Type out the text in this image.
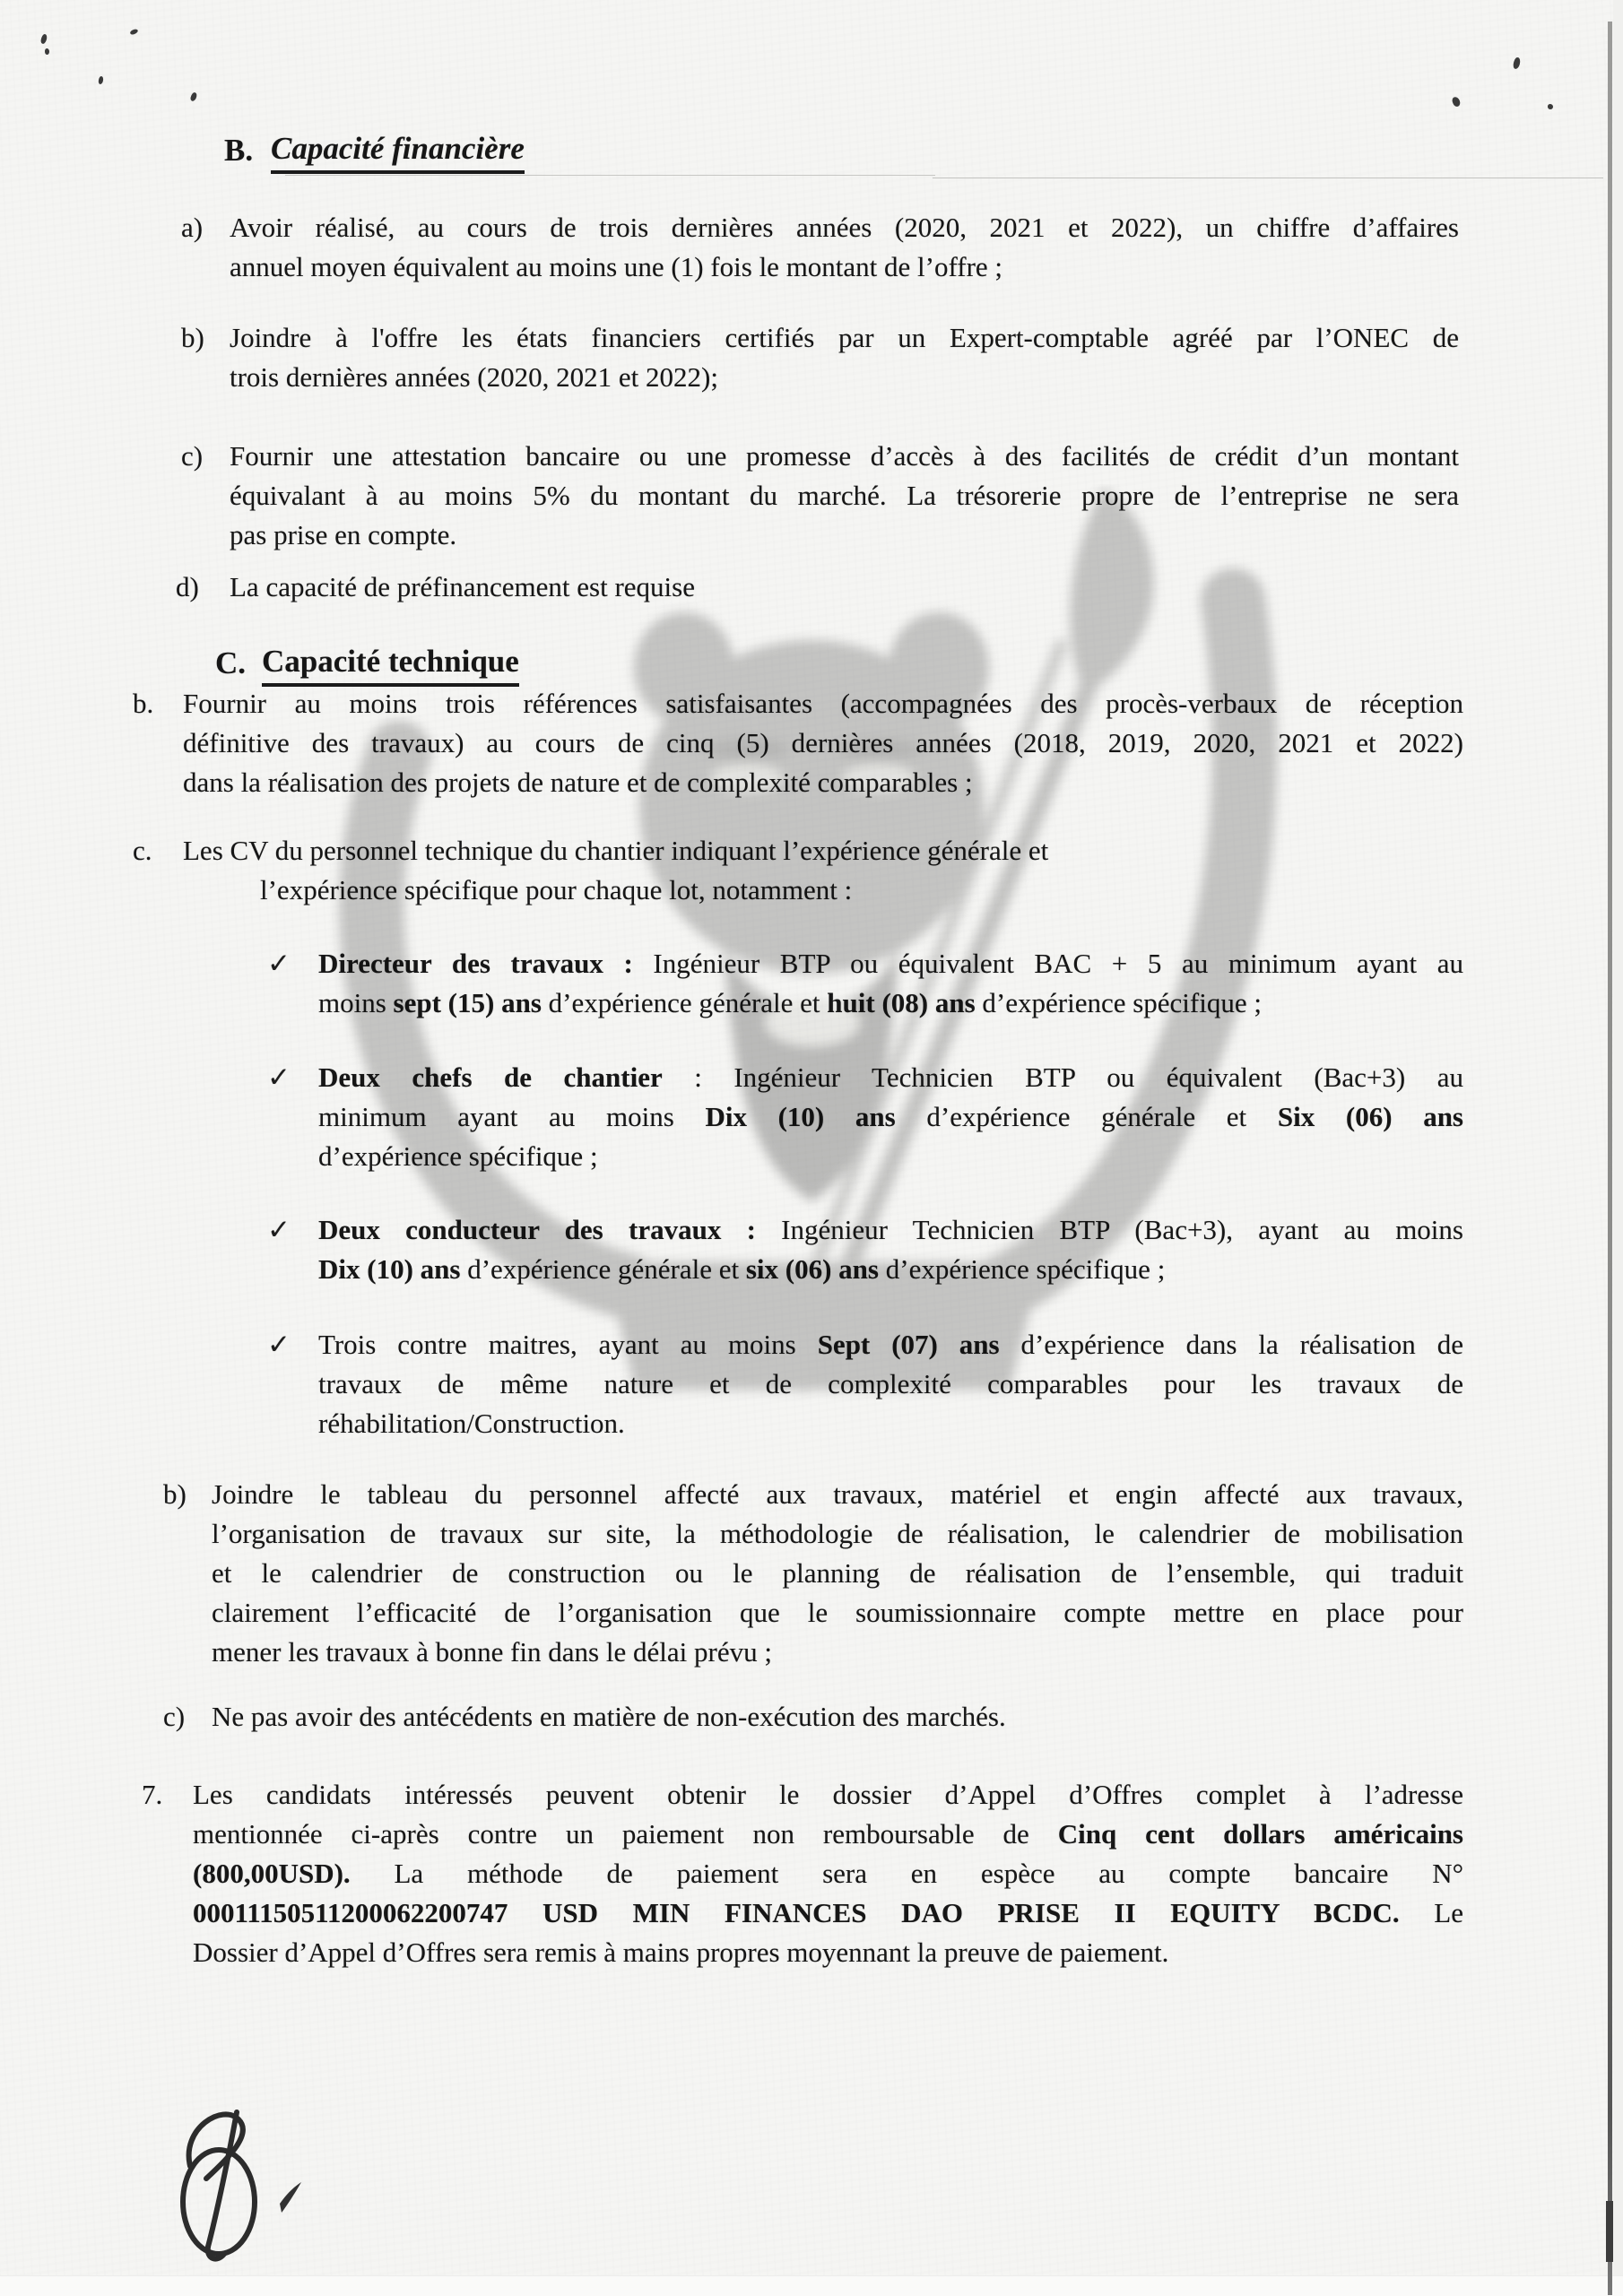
B. Capacité financière
a) Avoir réalisé, au cours de trois dernières années (2020, 2021 et 2022), un chiffre d’affaires
annuel moyen équivalent au moins une (1) fois le montant de l’offre ;
b) Joindre à l'offre les états financiers certifiés par un Expert-comptable agréé par l’ONEC de
trois dernières années (2020, 2021 et 2022);
c) Fournir une attestation bancaire ou une promesse d’accès à des facilités de crédit d’un montant
équivalant à au moins 5% du montant du marché. La trésorerie propre de l’entreprise ne sera
pas prise en compte.
d) La capacité de préfinancement est requise
C. Capacité technique
b. Fournir au moins trois références satisfaisantes (accompagnées des procès-verbaux de réception
définitive des travaux) au cours de cinq (5) dernières années (2018, 2019, 2020, 2021 et 2022)
dans la réalisation des projets de nature et de complexité comparables ;
c. Les CV du personnel technique du chantier indiquant l’expérience générale et
l’expérience spécifique pour chaque lot, notamment :
✓ Directeur des travaux : Ingénieur BTP ou équivalent BAC + 5 au minimum ayant au
moins sept (15) ans d’expérience générale et huit (08) ans d’expérience spécifique ;
✓ Deux chefs de chantier : Ingénieur Technicien BTP ou équivalent (Bac+3) au
minimum ayant au moins Dix (10) ans d’expérience générale et Six (06) ans
d’expérience spécifique ;
✓ Deux conducteur des travaux : Ingénieur Technicien BTP (Bac+3), ayant au moins
Dix (10) ans d’expérience générale et six (06) ans d’expérience spécifique ;
✓ Trois contre maitres, ayant au moins Sept (07) ans d’expérience dans la réalisation de
travaux de même nature et de complexité comparables pour les travaux de
réhabilitation/Construction.
b) Joindre le tableau du personnel affecté aux travaux, matériel et engin affecté aux travaux,
l’organisation de travaux sur site, la méthodologie de réalisation, le calendrier de mobilisation
et le calendrier de construction ou le planning de réalisation de l’ensemble, qui traduit
clairement l’efficacité de l’organisation que le soumissionnaire compte mettre en place pour
mener les travaux à bonne fin dans le délai prévu ;
c) Ne pas avoir des antécédents en matière de non-exécution des marchés.
7. Les candidats intéressés peuvent obtenir le dossier d’Appel d’Offres complet à l’adresse
mentionnée ci-après contre un paiement non remboursable de Cinq cent dollars américains
(800,00USD). La méthode de paiement sera en espèce au compte bancaire N°
00011150511200062200747 USD MIN FINANCES DAO PRISE II EQUITY BCDC. Le
Dossier d’Appel d’Offres sera remis à mains propres moyennant la preuve de paiement.
